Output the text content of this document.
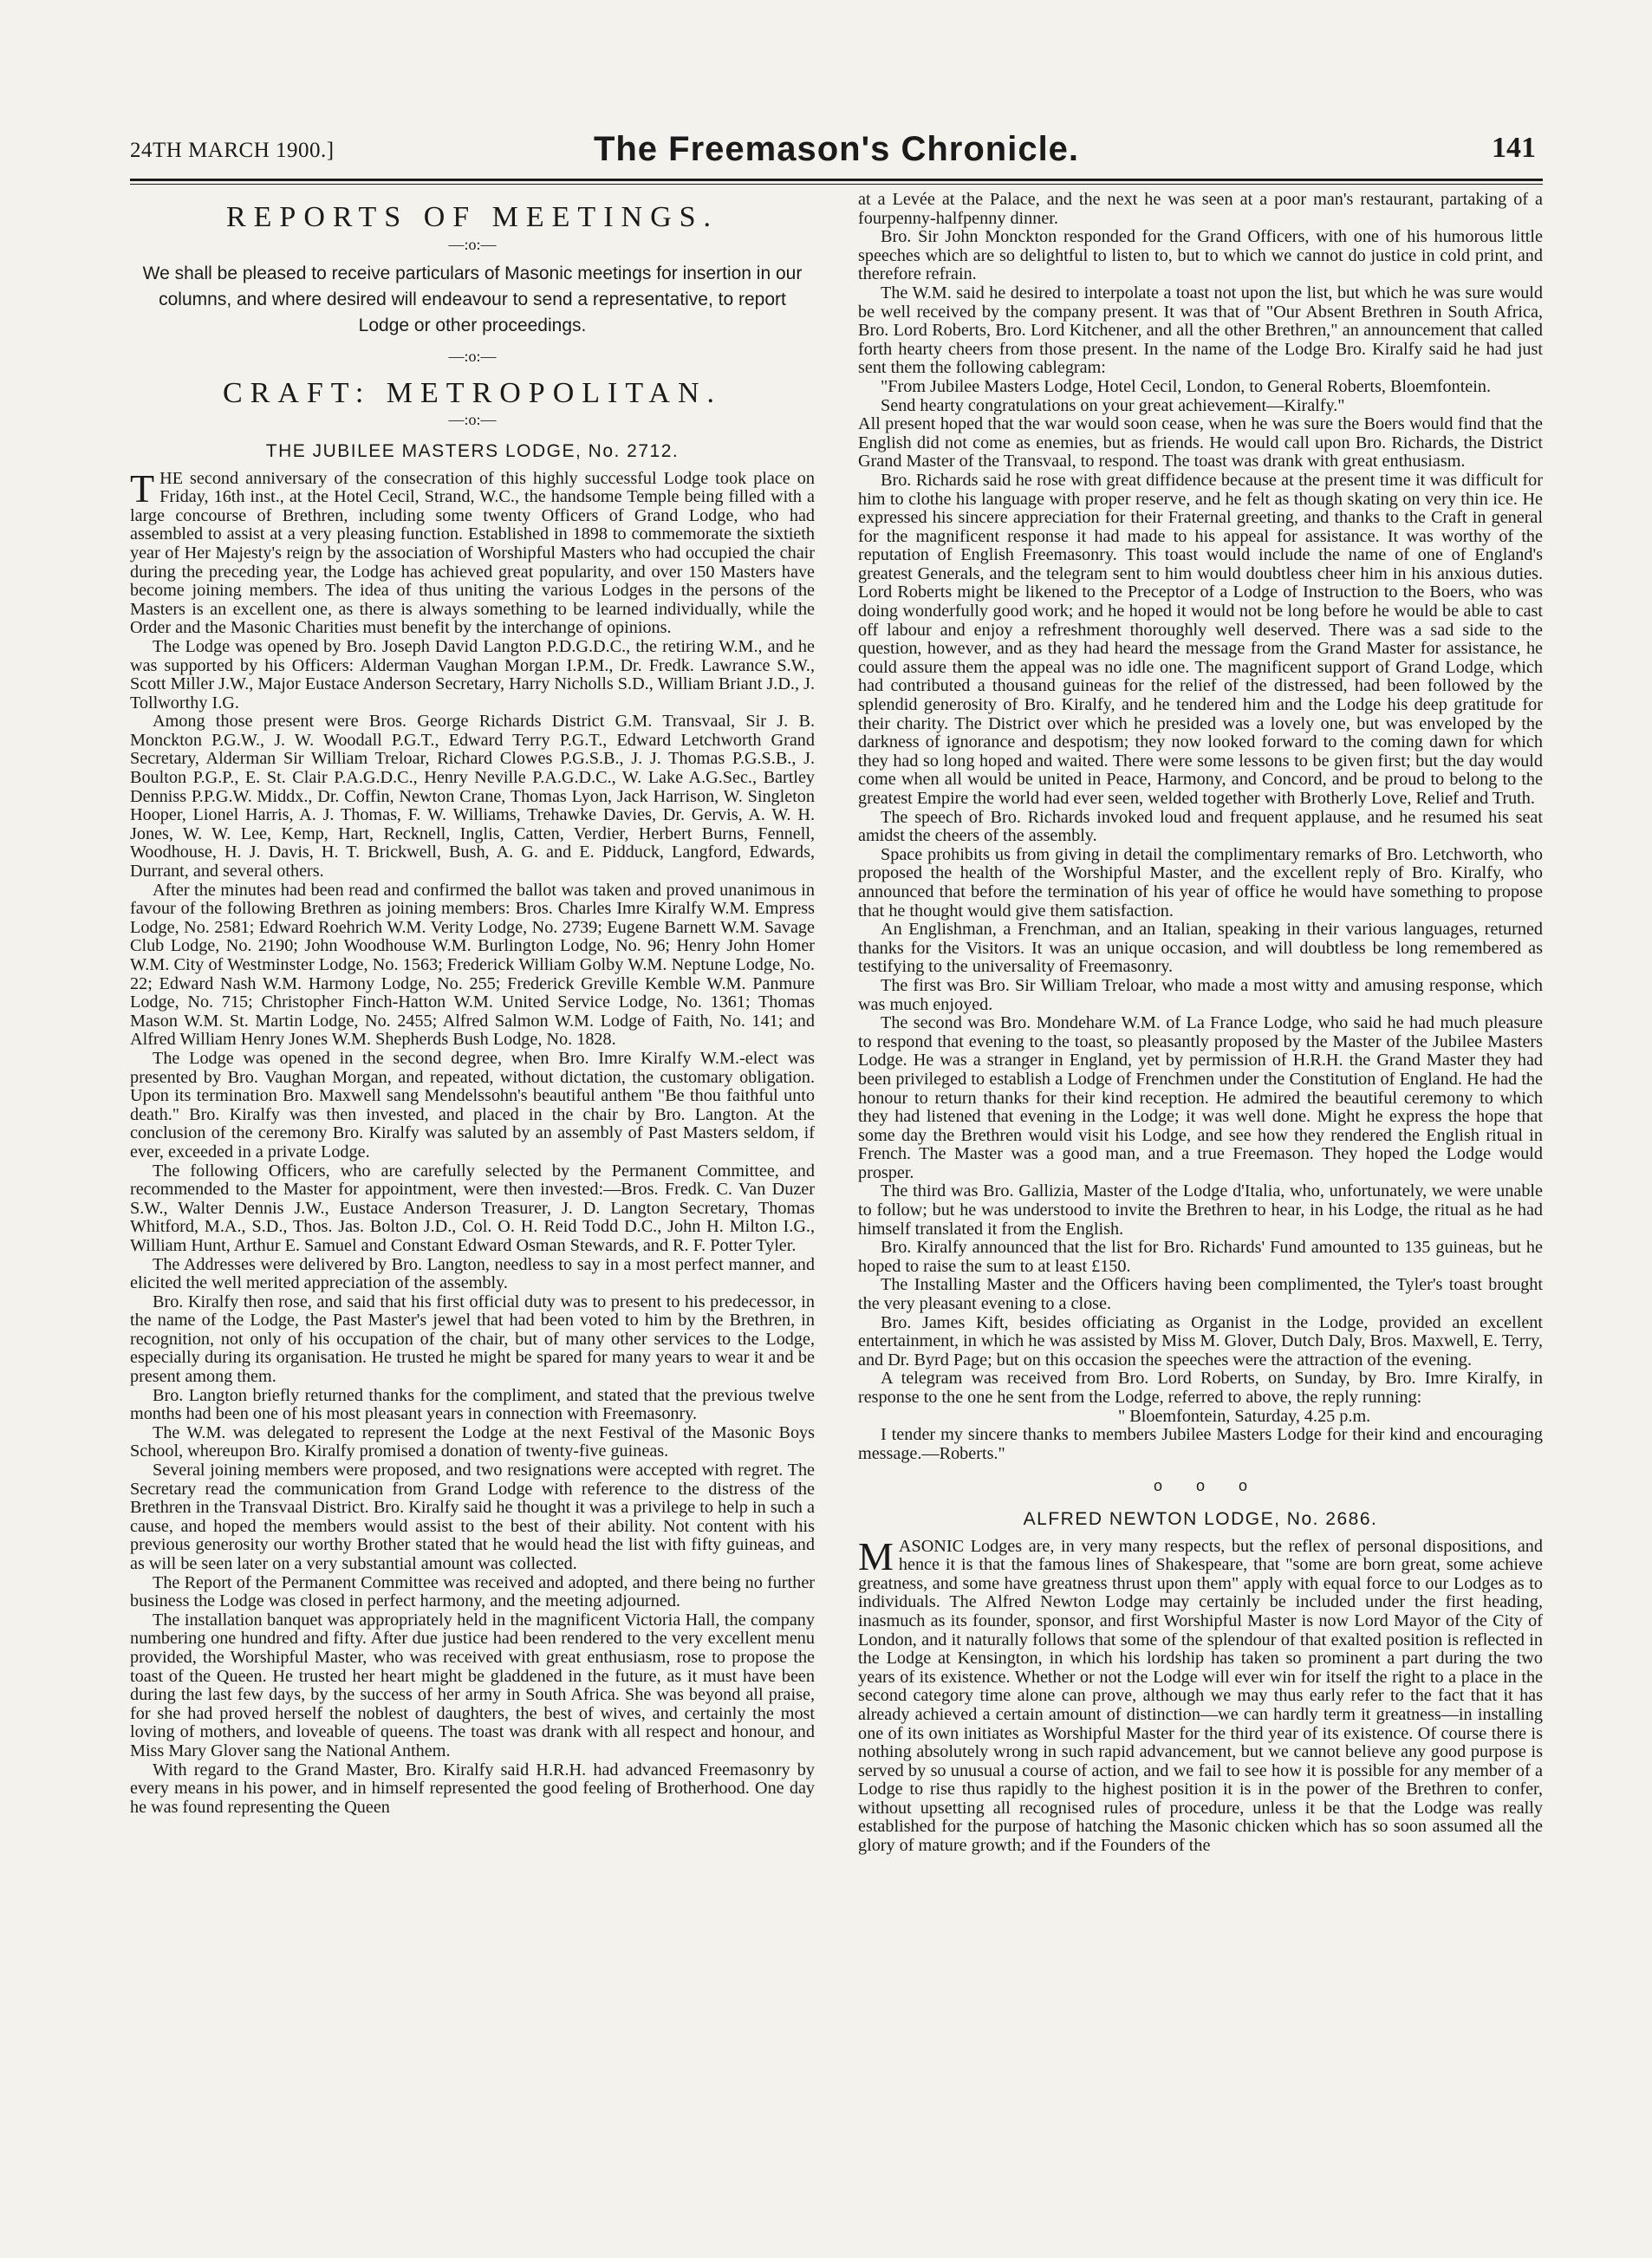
24TH MARCH 1900.]	The Freemason's Chronicle.	141
REPORTS OF MEETINGS.
—:o:—
We shall be pleased to receive particulars of Masonic meetings for insertion in our columns, and where desired will endeavour to send a representative, to report Lodge or other proceedings.
—:o:—
CRAFT: METROPOLITAN.
—:o:—
THE JUBILEE MASTERS LODGE, No. 2712.

THE second anniversary of the consecration of this highly successful Lodge took place on Friday, 16th inst., at the Hotel Cecil, Strand, W.C., the handsome Temple being filled with a large concourse of Brethren, including some twenty Officers of Grand Lodge, who had assembled to assist at a very pleasing function. Established in 1898 to commemorate the sixtieth year of Her Majesty's reign by the association of Worshipful Masters who had occupied the chair during the preceding year, the Lodge has achieved great popularity, and over 150 Masters have become joining members. The idea of thus uniting the various Lodges in the persons of the Masters is an excellent one, as there is always something to be learned individually, while the Order and the Masonic Charities must benefit by the interchange of opinions.

The Lodge was opened by Bro. Joseph David Langton P.D.G.D.C., the retiring W.M., and he was supported by his Officers: Alderman Vaughan Morgan I.P.M., Dr. Fredk. Lawrance S.W., Scott Miller J.W., Major Eustace Anderson Secretary, Harry Nicholls S.D., William Briant J.D., J. Tollworthy I.G.

Among those present were Bros. George Richards District G.M. Transvaal, Sir J. B. Monckton P.G.W., J. W. Woodall P.G.T., Edward Terry P.G.T., Edward Letchworth Grand Secretary, Alderman Sir William Treloar, Richard Clowes P.G.S.B., J. J. Thomas P.G.S.B., J. Boulton P.G.P., E. St. Clair P.A.G.D.C., Henry Neville P.A.G.D.C., W. Lake A.G.Sec., Bartley Denniss P.P.G.W. Middx., Dr. Coffin, Newton Crane, Thomas Lyon, Jack Harrison, W. Singleton Hooper, Lionel Harris, A. J. Thomas, F. W. Williams, Trehawke Davies, Dr. Gervis, A. W. H. Jones, W. W. Lee, Kemp, Hart, Recknell, Inglis, Catten, Verdier, Herbert Burns, Fennell, Woodhouse, H. J. Davis, H. T. Brickwell, Bush, A. G. and E. Pidduck, Langford, Edwards, Durrant, and several others.

After the minutes had been read and confirmed the ballot was taken and proved unanimous in favour of the following Brethren as joining members: Bros. Charles Imre Kiralfy W.M. Empress Lodge, No. 2581; Edward Roehrich W.M. Verity Lodge, No. 2739; Eugene Barnett W.M. Savage Club Lodge, No. 2190; John Woodhouse W.M. Burlington Lodge, No. 96; Henry John Homer W.M. City of Westminster Lodge, No. 1563; Frederick William Golby W.M. Neptune Lodge, No. 22; Edward Nash W.M. Harmony Lodge, No. 255; Frederick Greville Kemble W.M. Panmure Lodge, No. 715; Christopher Finch-Hatton W.M. United Service Lodge, No. 1361; Thomas Mason W.M. St. Martin Lodge, No. 2455; Alfred Salmon W.M. Lodge of Faith, No. 141; and Alfred William Henry Jones W.M. Shepherds Bush Lodge, No. 1828.

The Lodge was opened in the second degree, when Bro. Imre Kiralfy W.M.-elect was presented by Bro. Vaughan Morgan, and repeated, without dictation, the customary obligation. Upon its termination Bro. Maxwell sang Mendelssohn's beautiful anthem "Be thou faithful unto death." Bro. Kiralfy was then invested, and placed in the chair by Bro. Langton. At the conclusion of the ceremony Bro. Kiralfy was saluted by an assembly of Past Masters seldom, if ever, exceeded in a private Lodge.

The following Officers, who are carefully selected by the Permanent Committee, and recommended to the Master for appointment, were then invested:—Bros. Fredk. C. Van Duzer S.W., Walter Dennis J.W., Eustace Anderson Treasurer, J. D. Langton Secretary, Thomas Whitford, M.A., S.D., Thos. Jas. Bolton J.D., Col. O. H. Reid Todd D.C., John H. Milton I.G., William Hunt, Arthur E. Samuel and Constant Edward Osman Stewards, and R. F. Potter Tyler.

The Addresses were delivered by Bro. Langton, needless to say in a most perfect manner, and elicited the well merited appreciation of the assembly.

Bro. Kiralfy then rose, and said that his first official duty was to present to his predecessor, in the name of the Lodge, the Past Master's jewel that had been voted to him by the Brethren, in recognition, not only of his occupation of the chair, but of many other services to the Lodge, especially during its organisation. He trusted he might be spared for many years to wear it and be present among them.

Bro. Langton briefly returned thanks for the compliment, and stated that the previous twelve months had been one of his most pleasant years in connection with Freemasonry.

The W.M. was delegated to represent the Lodge at the next Festival of the Masonic Boys School, whereupon Bro. Kiralfy promised a donation of twenty-five guineas.

Several joining members were proposed, and two resignations were accepted with regret. The Secretary read the communication from Grand Lodge with reference to the distress of the Brethren in the Transvaal District. Bro. Kiralfy said he thought it was a privilege to help in such a cause, and hoped the members would assist to the best of their ability. Not content with his previous generosity our worthy Brother stated that he would head the list with fifty guineas, and as will be seen later on a very substantial amount was collected.

The Report of the Permanent Committee was received and adopted, and there being no further business the Lodge was closed in perfect harmony, and the meeting adjourned.

The installation banquet was appropriately held in the magnificent Victoria Hall, the company numbering one hundred and fifty. After due justice had been rendered to the very excellent menu provided, the Worshipful Master, who was received with great enthusiasm, rose to propose the toast of the Queen. He trusted her heart might be gladdened in the future, as it must have been during the last few days, by the success of her army in South Africa. She was beyond all praise, for she had proved herself the noblest of daughters, the best of wives, and certainly the most loving of mothers, and loveable of queens. The toast was drank with all respect and honour, and Miss Mary Glover sang the National Anthem.

With regard to the Grand Master, Bro. Kiralfy said H.R.H. had advanced Freemasonry by every means in his power, and in himself represented the good feeling of Brotherhood. One day he was found representing the Queen

at a Levée at the Palace, and the next he was seen at a poor man's restaurant, partaking of a fourpenny-halfpenny dinner.

Bro. Sir John Monckton responded for the Grand Officers, with one of his humorous little speeches which are so delightful to listen to, but to which we cannot do justice in cold print, and therefore refrain.

The W.M. said he desired to interpolate a toast not upon the list, but which he was sure would be well received by the company present. It was that of "Our Absent Brethren in South Africa, Bro. Lord Roberts, Bro. Lord Kitchener, and all the other Brethren," an announcement that called forth hearty cheers from those present. In the name of the Lodge Bro. Kiralfy said he had just sent them the following cablegram:

"From Jubilee Masters Lodge, Hotel Cecil, London, to General Roberts, Bloemfontein.

Send hearty congratulations on your great achievement—Kiralfy."

All present hoped that the war would soon cease, when he was sure the Boers would find that the English did not come as enemies, but as friends. He would call upon Bro. Richards, the District Grand Master of the Transvaal, to respond. The toast was drank with great enthusiasm.

Bro. Richards said he rose with great diffidence because at the present time it was difficult for him to clothe his language with proper reserve, and he felt as though skating on very thin ice. He expressed his sincere appreciation for their Fraternal greeting, and thanks to the Craft in general for the magnificent response it had made to his appeal for assistance. It was worthy of the reputation of English Freemasonry. This toast would include the name of one of England's greatest Generals, and the telegram sent to him would doubtless cheer him in his anxious duties. Lord Roberts might be likened to the Preceptor of a Lodge of Instruction to the Boers, who was doing wonderfully good work; and he hoped it would not be long before he would be able to cast off labour and enjoy a refreshment thoroughly well deserved. There was a sad side to the question, however, and as they had heard the message from the Grand Master for assistance, he could assure them the appeal was no idle one. The magnificent support of Grand Lodge, which had contributed a thousand guineas for the relief of the distressed, had been followed by the splendid generosity of Bro. Kiralfy, and he tendered him and the Lodge his deep gratitude for their charity. The District over which he presided was a lovely one, but was enveloped by the darkness of ignorance and despotism; they now looked forward to the coming dawn for which they had so long hoped and waited. There were some lessons to be given first; but the day would come when all would be united in Peace, Harmony, and Concord, and be proud to belong to the greatest Empire the world had ever seen, welded together with Brotherly Love, Relief and Truth.

The speech of Bro. Richards invoked loud and frequent applause, and he resumed his seat amidst the cheers of the assembly.

Space prohibits us from giving in detail the complimentary remarks of Bro. Letchworth, who proposed the health of the Worshipful Master, and the excellent reply of Bro. Kiralfy, who announced that before the termination of his year of office he would have something to propose that he thought would give them satisfaction.

An Englishman, a Frenchman, and an Italian, speaking in their various languages, returned thanks for the Visitors. It was an unique occasion, and will doubtless be long remembered as testifying to the universality of Freemasonry.

The first was Bro. Sir William Treloar, who made a most witty and amusing response, which was much enjoyed.

The second was Bro. Mondehare W.M. of La France Lodge, who said he had much pleasure to respond that evening to the toast, so pleasantly proposed by the Master of the Jubilee Masters Lodge. He was a stranger in England, yet by permission of H.R.H. the Grand Master they had been privileged to establish a Lodge of Frenchmen under the Constitution of England. He had the honour to return thanks for their kind reception. He admired the beautiful ceremony to which they had listened that evening in the Lodge; it was well done. Might he express the hope that some day the Brethren would visit his Lodge, and see how they rendered the English ritual in French. The Master was a good man, and a true Freemason. They hoped the Lodge would prosper.

The third was Bro. Gallizia, Master of the Lodge d'Italia, who, unfortunately, we were unable to follow; but he was understood to invite the Brethren to hear, in his Lodge, the ritual as he had himself translated it from the English.

Bro. Kiralfy announced that the list for Bro. Richards' Fund amounted to 135 guineas, but he hoped to raise the sum to at least £150.

The Installing Master and the Officers having been complimented, the Tyler's toast brought the very pleasant evening to a close.

Bro. James Kift, besides officiating as Organist in the Lodge, provided an excellent entertainment, in which he was assisted by Miss M. Glover, Dutch Daly, Bros. Maxwell, E. Terry, and Dr. Byrd Page; but on this occasion the speeches were the attraction of the evening.

A telegram was received from Bro. Lord Roberts, on Sunday, by Bro. Imre Kiralfy, in response to the one he sent from the Lodge, referred to above, the reply running:

" Bloemfontein, Saturday, 4.25 p.m.

I tender my sincere thanks to members Jubilee Masters Lodge for their kind and encouraging message.—Roberts."

o o o
ALFRED NEWTON LODGE, No. 2686.

MASONIC Lodges are, in very many respects, but the reflex of personal dispositions, and hence it is that the famous lines of Shakespeare, that "some are born great, some achieve greatness, and some have greatness thrust upon them" apply with equal force to our Lodges as to individuals. The Alfred Newton Lodge may certainly be included under the first heading, inasmuch as its founder, sponsor, and first Worshipful Master is now Lord Mayor of the City of London, and it naturally follows that some of the splendour of that exalted position is reflected in the Lodge at Kensington, in which his lordship has taken so prominent a part during the two years of its existence. Whether or not the Lodge will ever win for itself the right to a place in the second category time alone can prove, although we may thus early refer to the fact that it has already achieved a certain amount of distinction—we can hardly term it greatness—in installing one of its own initiates as Worshipful Master for the third year of its existence. Of course there is nothing absolutely wrong in such rapid advancement, but we cannot believe any good purpose is served by so unusual a course of action, and we fail to see how it is possible for any member of a Lodge to rise thus rapidly to the highest position it is in the power of the Brethren to confer, without upsetting all recognised rules of procedure, unless it be that the Lodge was really established for the purpose of hatching the Masonic chicken which has so soon assumed all the glory of mature growth; and if the Founders of the
